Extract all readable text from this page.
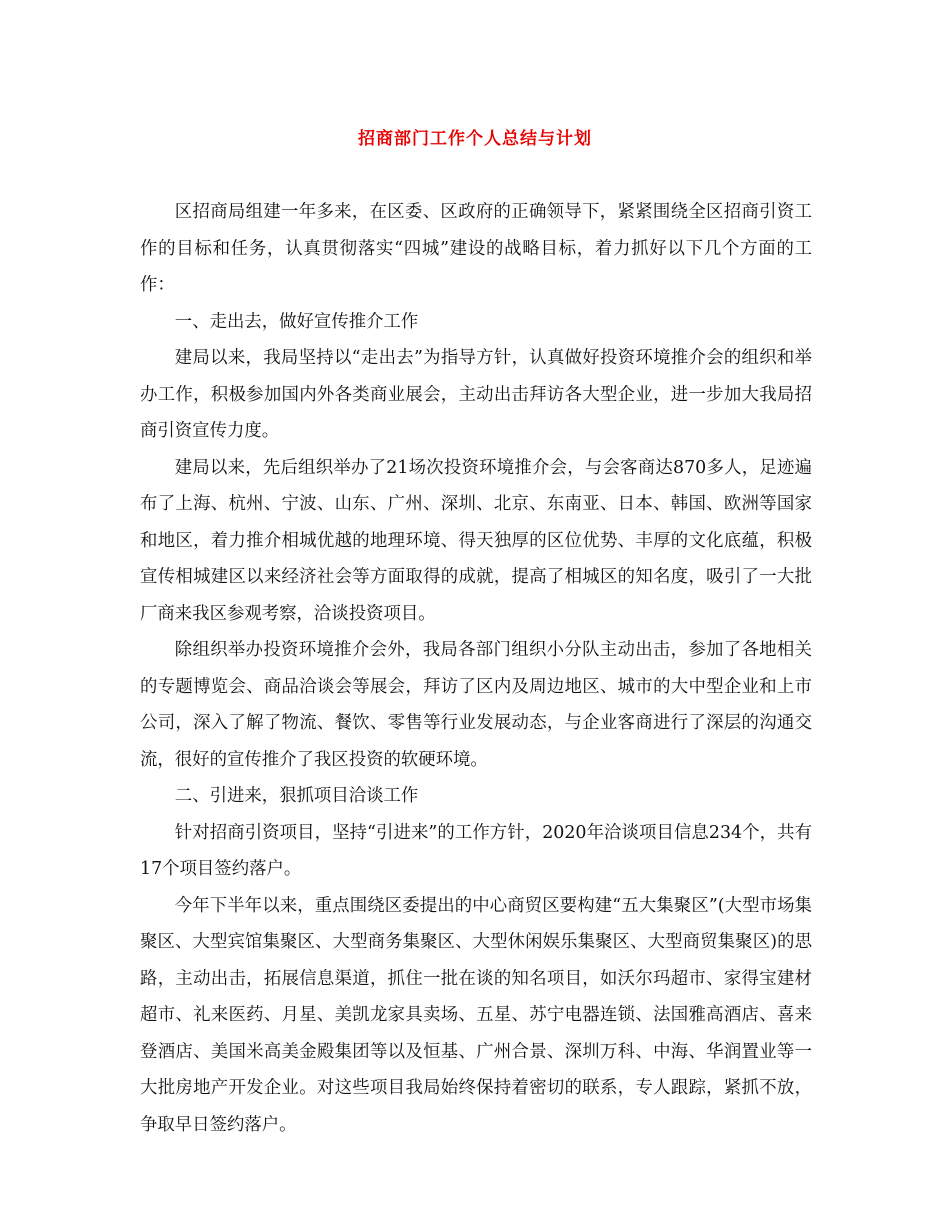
招商部门工作个人总结与计划

区招商局组建一年多来，在区委、区政府的正确领导下，紧紧围绕全区招商引资工作的目标和任务，认真贯彻落实“四城”建设的战略目标，着力抓好以下几个方面的工作：

一、走出去，做好宣传推介工作

建局以来，我局坚持以“走出去”为指导方针，认真做好投资环境推介会的组织和举办工作，积极参加国内外各类商业展会，主动出击拜访各大型企业，进一步加大我局招商引资宣传力度。

建局以来，先后组织举办了21场次投资环境推介会，与会客商达870多人，足迹遍布了上海、杭州、宁波、山东、广州、深圳、北京、东南亚、日本、韩国、欧洲等国家和地区，着力推介相城优越的地理环境、得天独厚的区位优势、丰厚的文化底蕴，积极宣传相城建区以来经济社会等方面取得的成就，提高了相城区的知名度，吸引了一大批厂商来我区参观考察，洽谈投资项目。

除组织举办投资环境推介会外，我局各部门组织小分队主动出击，参加了各地相关的专题博览会、商品洽谈会等展会，拜访了区内及周边地区、城市的大中型企业和上市公司，深入了解了物流、餐饮、零售等行业发展动态，与企业客商进行了深层的沟通交流，很好的宣传推介了我区投资的软硬环境。

二、引进来，狠抓项目洽谈工作

针对招商引资项目，坚持“引进来”的工作方针，2020年洽谈项目信息234个，共有17个项目签约落户。

今年下半年以来，重点围绕区委提出的中心商贸区要构建“五大集聚区”(大型市场集聚区、大型宾馆集聚区、大型商务集聚区、大型休闲娱乐集聚区、大型商贸集聚区)的思路，主动出击，拓展信息渠道，抓住一批在谈的知名项目，如沃尔玛超市、家得宝建材超市、礼来医药、月星、美凯龙家具卖场、五星、苏宁电器连锁、法国雅高酒店、喜来登酒店、美国米高美金殿集团等以及恒基、广州合景、深圳万科、中海、华润置业等一大批房地产开发企业。对这些项目我局始终保持着密切的联系，专人跟踪，紧抓不放，争取早日签约落户。
